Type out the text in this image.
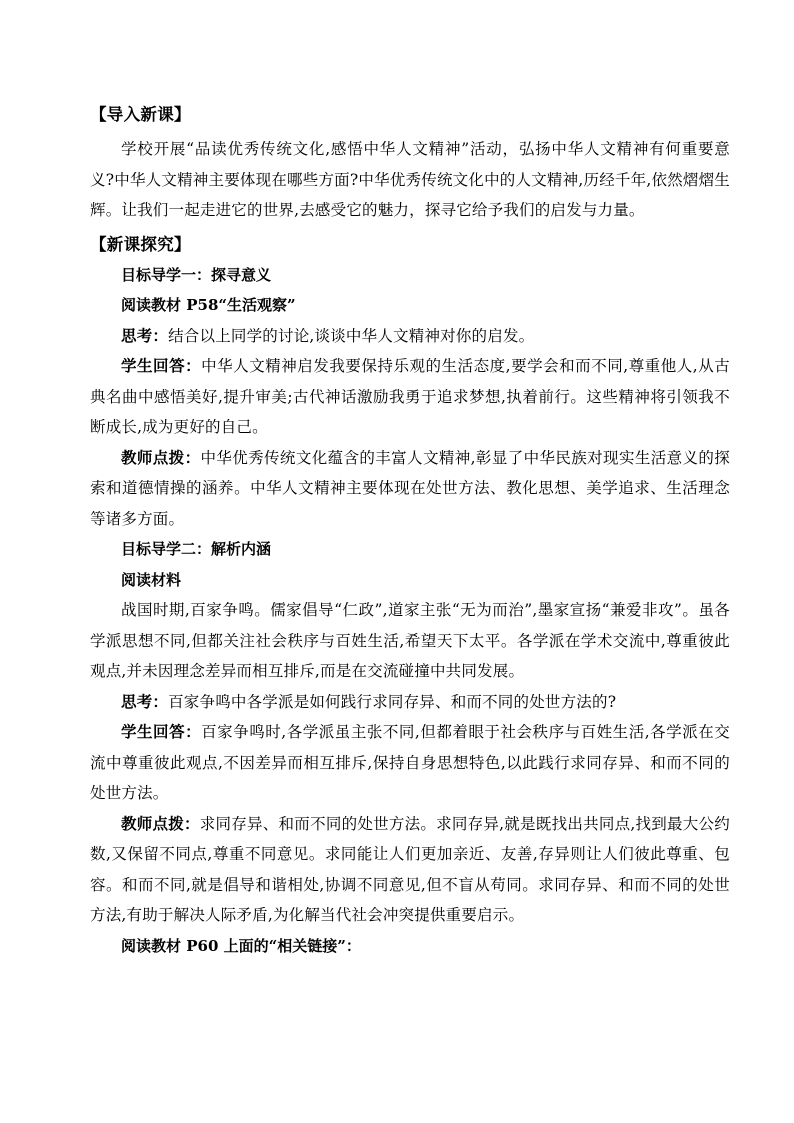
【导入新课】

学校开展“品读优秀传统文化,感悟中华人文精神”活动，弘扬中华人文精神有何重要意义?中华人文精神主要体现在哪些方面?中华优秀传统文化中的人文精神,历经千年,依然熠熠生辉。让我们一起走进它的世界,去感受它的魅力，探寻它给予我们的启发与力量。

【新课探究】

目标导学一：探寻意义

阅读教材 P58“生活观察”

思考：结合以上同学的讨论,谈谈中华人文精神对你的启发。

学生回答：中华人文精神启发我要保持乐观的生活态度,要学会和而不同,尊重他人,从古典名曲中感悟美好,提升审美;古代神话激励我勇于追求梦想,执着前行。这些精神将引领我不断成长,成为更好的自己。

教师点拨：中华优秀传统文化蕴含的丰富人文精神,彰显了中华民族对现实生活意义的探索和道德情操的涵养。中华人文精神主要体现在处世方法、教化思想、美学追求、生活理念等诸多方面。

目标导学二：解析内涵

阅读材料

战国时期,百家争鸣。儒家倡导“仁政”,道家主张“无为而治”,墨家宣扬“兼爱非攻”。虽各学派思想不同,但都关注社会秩序与百姓生活,希望天下太平。各学派在学术交流中,尊重彼此观点,并未因理念差异而相互排斥,而是在交流碰撞中共同发展。

思考：百家争鸣中各学派是如何践行求同存异、和而不同的处世方法的?

学生回答：百家争鸣时,各学派虽主张不同,但都着眼于社会秩序与百姓生活,各学派在交流中尊重彼此观点,不因差异而相互排斥,保持自身思想特色,以此践行求同存异、和而不同的处世方法。

教师点拨：求同存异、和而不同的处世方法。求同存异,就是既找出共同点,找到最大公约数,又保留不同点,尊重不同意见。求同能让人们更加亲近、友善,存异则让人们彼此尊重、包容。和而不同,就是倡导和谐相处,协调不同意见,但不盲从苟同。求同存异、和而不同的处世方法,有助于解决人际矛盾,为化解当代社会冲突提供重要启示。

阅读教材 P60 上面的“相关链接”：
